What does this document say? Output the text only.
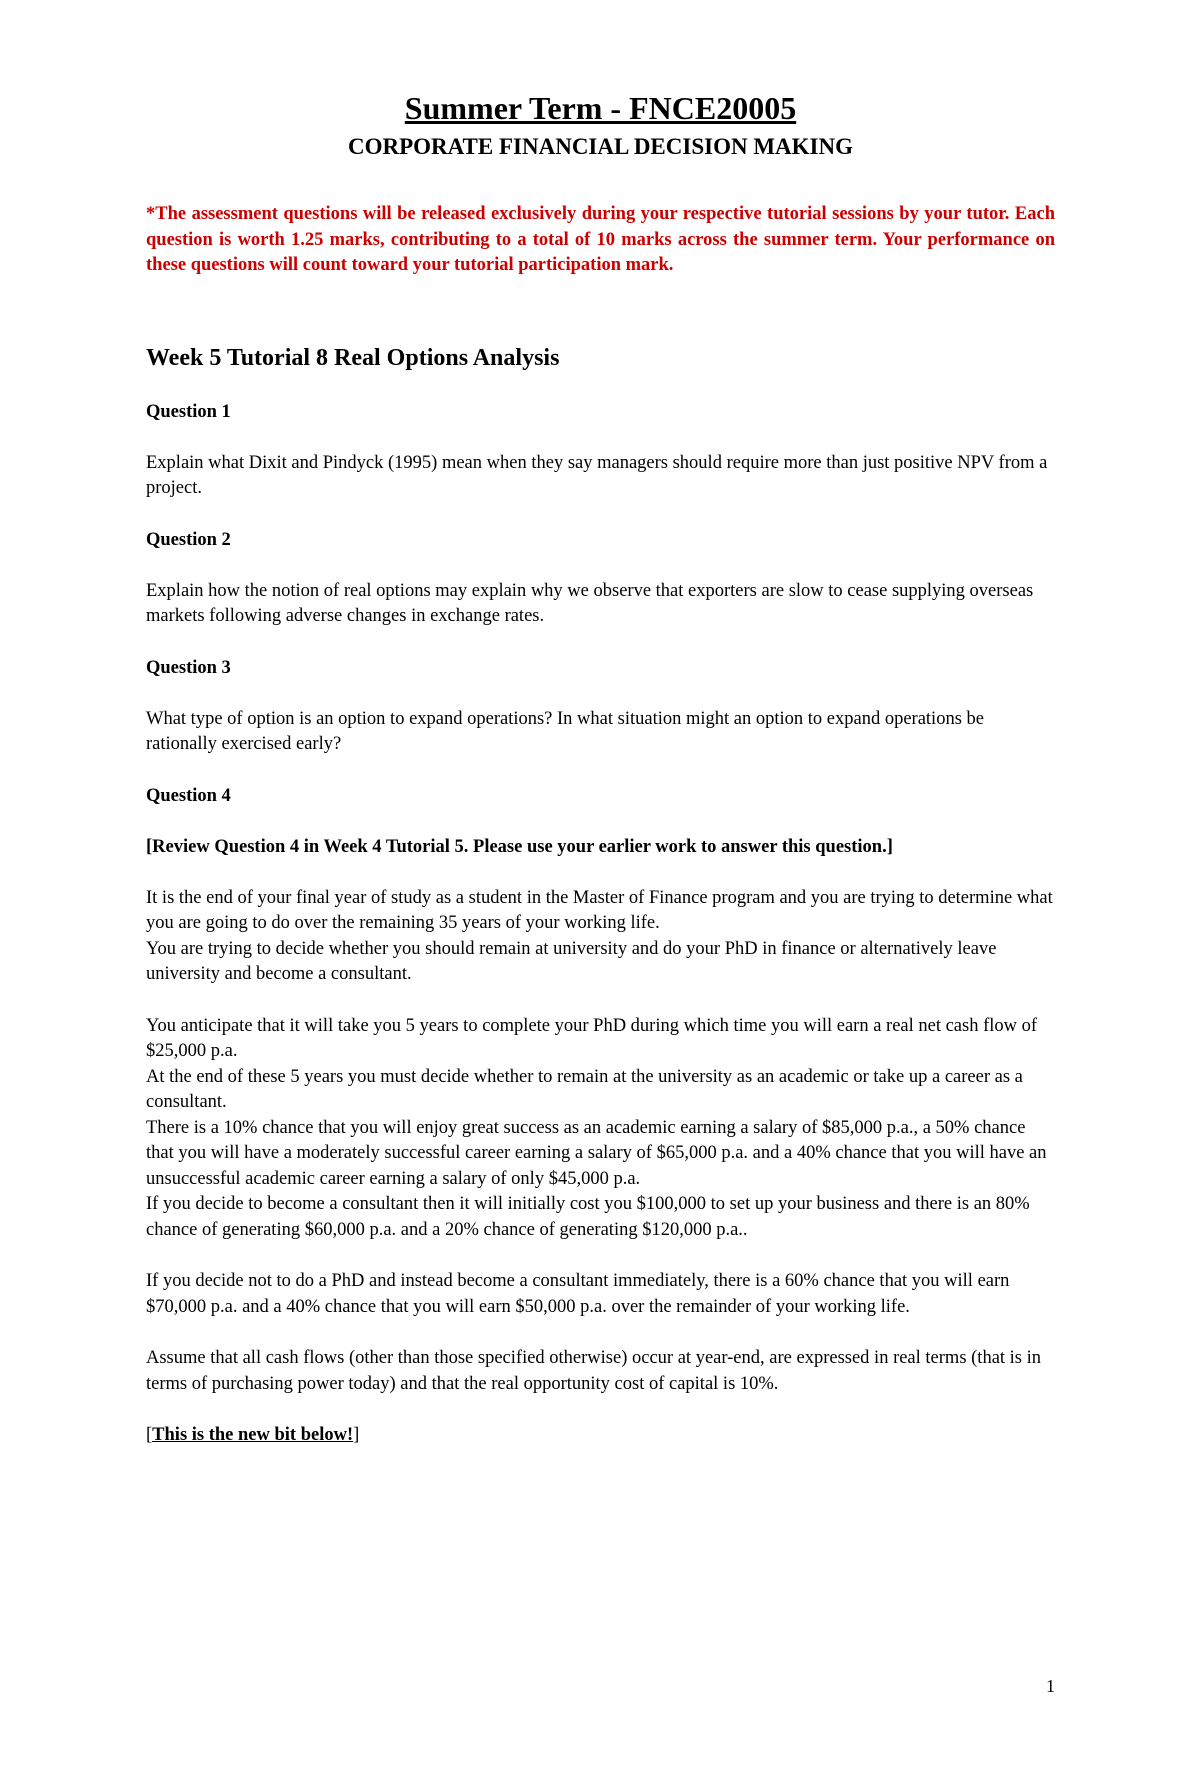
Summer Term - FNCE20005
CORPORATE FINANCIAL DECISION MAKING
*The assessment questions will be released exclusively during your respective tutorial sessions by your tutor. Each question is worth 1.25 marks, contributing to a total of 10 marks across the summer term. Your performance on these questions will count toward your tutorial participation mark.
Week 5 Tutorial 8 Real Options Analysis
Question 1
Explain what Dixit and Pindyck (1995) mean when they say managers should require more than just positive NPV from a project.
Question 2
Explain how the notion of real options may explain why we observe that exporters are slow to cease supplying overseas markets following adverse changes in exchange rates.
Question 3
What type of option is an option to expand operations? In what situation might an option to expand operations be rationally exercised early?
Question 4
[Review Question 4 in Week 4 Tutorial 5. Please use your earlier work to answer this question.]
It is the end of your final year of study as a student in the Master of Finance program and you are trying to determine what you are going to do over the remaining 35 years of your working life.
You are trying to decide whether you should remain at university and do your PhD in finance or alternatively leave university and become a consultant.
You anticipate that it will take you 5 years to complete your PhD during which time you will earn a real net cash flow of $25,000 p.a.
At the end of these 5 years you must decide whether to remain at the university as an academic or take up a career as a consultant.
There is a 10% chance that you will enjoy great success as an academic earning a salary of $85,000 p.a., a 50% chance that you will have a moderately successful career earning a salary of $65,000 p.a. and a 40% chance that you will have an unsuccessful academic career earning a salary of only $45,000 p.a.
If you decide to become a consultant then it will initially cost you $100,000 to set up your business and there is an 80% chance of generating $60,000 p.a. and a 20% chance of generating $120,000 p.a..
If you decide not to do a PhD and instead become a consultant immediately, there is a 60% chance that you will earn $70,000 p.a. and a 40% chance that you will earn $50,000 p.a. over the remainder of your working life.
Assume that all cash flows (other than those specified otherwise) occur at year-end, are expressed in real terms (that is in terms of purchasing power today) and that the real opportunity cost of capital is 10%.
[This is the new bit below!]
1
